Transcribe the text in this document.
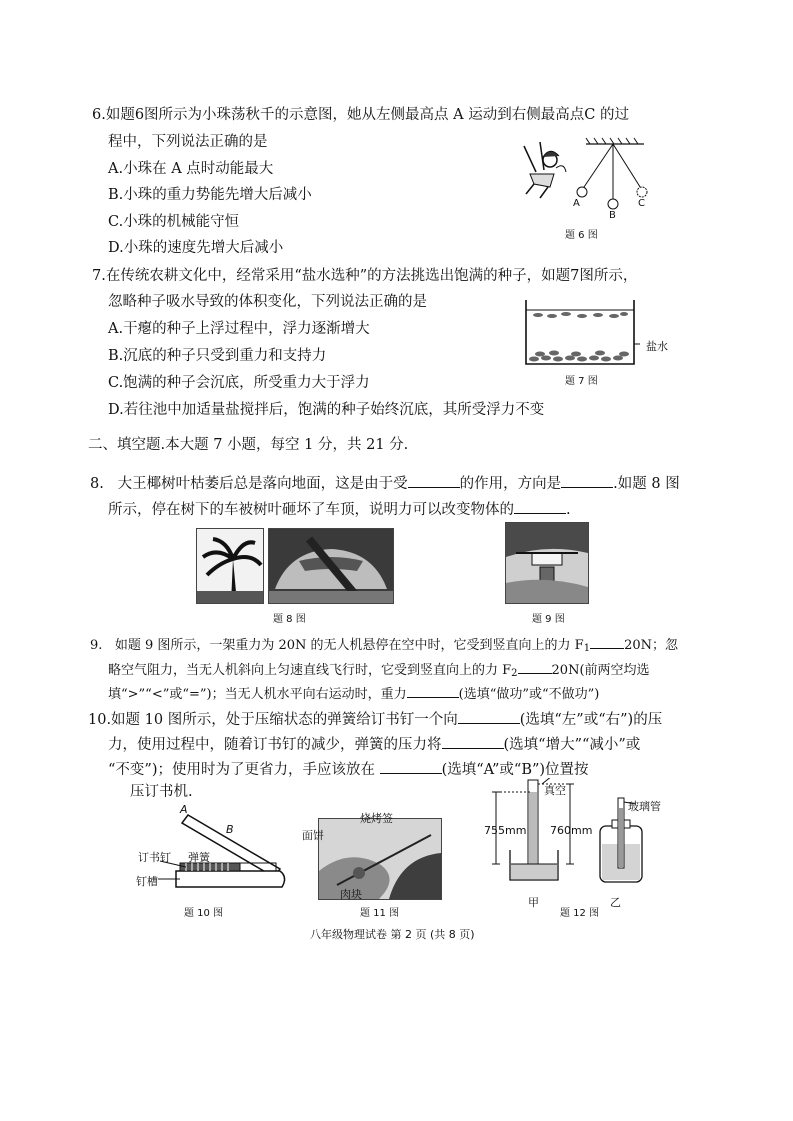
6.如题6图所示为小珠荡秋千的示意图，她从左侧最高点 A 运动到右侧最高点C 的过
程中，下列说法正确的是
A.小珠在 A 点时动能最大
B.小珠的重力势能先增大后减小
C.小珠的机械能守恒
D.小珠的速度先增大后减小
A
B
C
题 6 图
7.在传统农耕文化中，经常采用“盐水选种”的方法挑选出饱满的种子，如题7图所示，
忽略种子吸水导致的体积变化，下列说法正确的是
A.干瘪的种子上浮过程中，浮力逐渐增大
B.沉底的种子只受到重力和支持力
C.饱满的种子会沉底，所受重力大于浮力
D.若往池中加适量盐搅拌后，饱满的种子始终沉底，其所受浮力不变
盐水
题 7 图
二、填空题.本大题 7 小题，每空 1 分，共 21 分.
8. 大王椰树叶枯萎后总是落向地面，这是由于受	的作用，方向是	.如题 8 图
所示，停在树下的车被树叶砸坏了车顶，说明力可以改变物体的	.
题 8 图	题 9 图
9. 如题 9 图所示，一架重力为 20N 的无人机悬停在空中时，它受到竖直向上的力 $F_1$	20N；忽
略空气阻力，当无人机斜向上匀速直线飞行时，它受到竖直向上的力 $F_2$	20N(前两空均选
填“>”“<”或“=”)；当无人机水平向右运动时，重力	(选填“做功”或“不做功”)
10.如题 10 图所示，处于压缩状态的弹簧给订书钉一个向	(选填“左”或“右”)的压
力，使用过程中，随着订书钉的减少，弹簧的压力将	(选填“增大”“减小”或
“不变”)；使用时为了更省力，手应该放在	(选填“A”或“B”)位置按
压订书机.
A
B
订书钉 弹簧
钉槽
题 10 图
烧烤签
面饼
肉块
题 11 图
真空
755mm 760mm
甲
玻璃管
乙
题 12 图
八年级物理试卷 第 2 页 (共 8 页)
